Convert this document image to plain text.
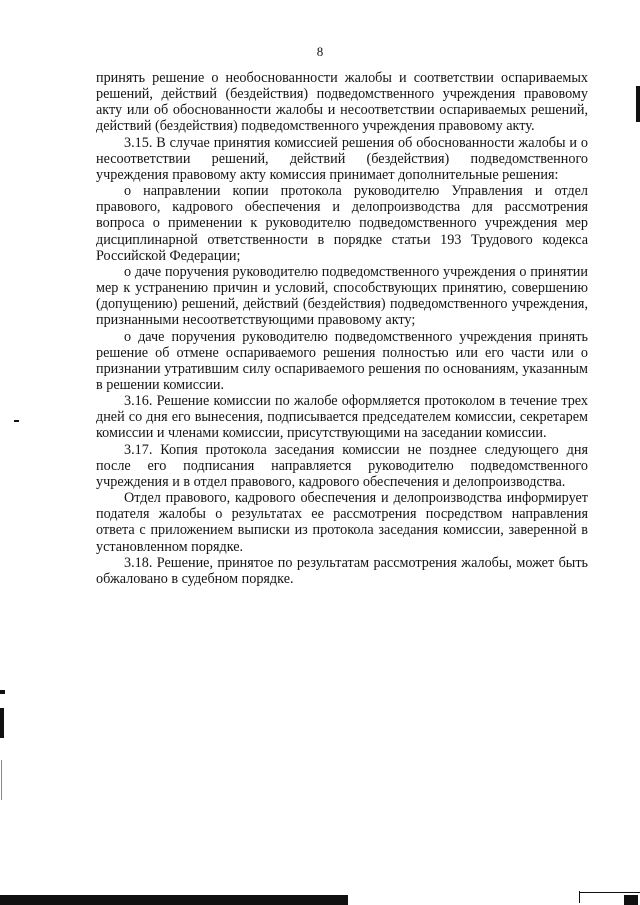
8

принять решение о необоснованности жалобы и соответствии оспариваемых решений, действий (бездействия) подведомственного учреждения правовому акту или об обоснованности жалобы и несоответствии оспариваемых решений, действий (бездействия) подведомственного учреждения правовому акту.

3.15. В случае принятия комиссией решения об обоснованности жалобы и о несоответствии решений, действий (бездействия) подведомственного учреждения правовому акту комиссия принимает дополнительные решения:

о направлении копии протокола руководителю Управления и отдел правового, кадрового обеспечения и делопроизводства для рассмотрения вопроса о применении к руководителю подведомственного учреждения мер дисциплинарной ответственности в порядке статьи 193 Трудового кодекса Российской Федерации;

о даче поручения руководителю подведомственного учреждения о принятии мер к устранению причин и условий, способствующих принятию, совершению (допущению) решений, действий (бездействия) подведомственного учреждения, признанными несоответствующими правовому акту;

о даче поручения руководителю подведомственного учреждения принять решение об отмене оспариваемого решения полностью или его части или о признании утратившим силу оспариваемого решения по основаниям, указанным в решении комиссии.

3.16. Решение комиссии по жалобе оформляется протоколом в течение трех дней со дня его вынесения, подписывается председателем комиссии, секретарем комиссии и членами комиссии, присутствующими на заседании комиссии.

3.17. Копия протокола заседания комиссии не позднее следующего дня после его подписания направляется руководителю подведомственного учреждения и в отдел правового, кадрового обеспечения и делопроизводства.

Отдел правового, кадрового обеспечения и делопроизводства информирует подателя жалобы о результатах ее рассмотрения посредством направления ответа с приложением выписки из протокола заседания комиссии, заверенной в установленном порядке.

3.18. Решение, принятое по результатам рассмотрения жалобы, может быть обжаловано в судебном порядке.
